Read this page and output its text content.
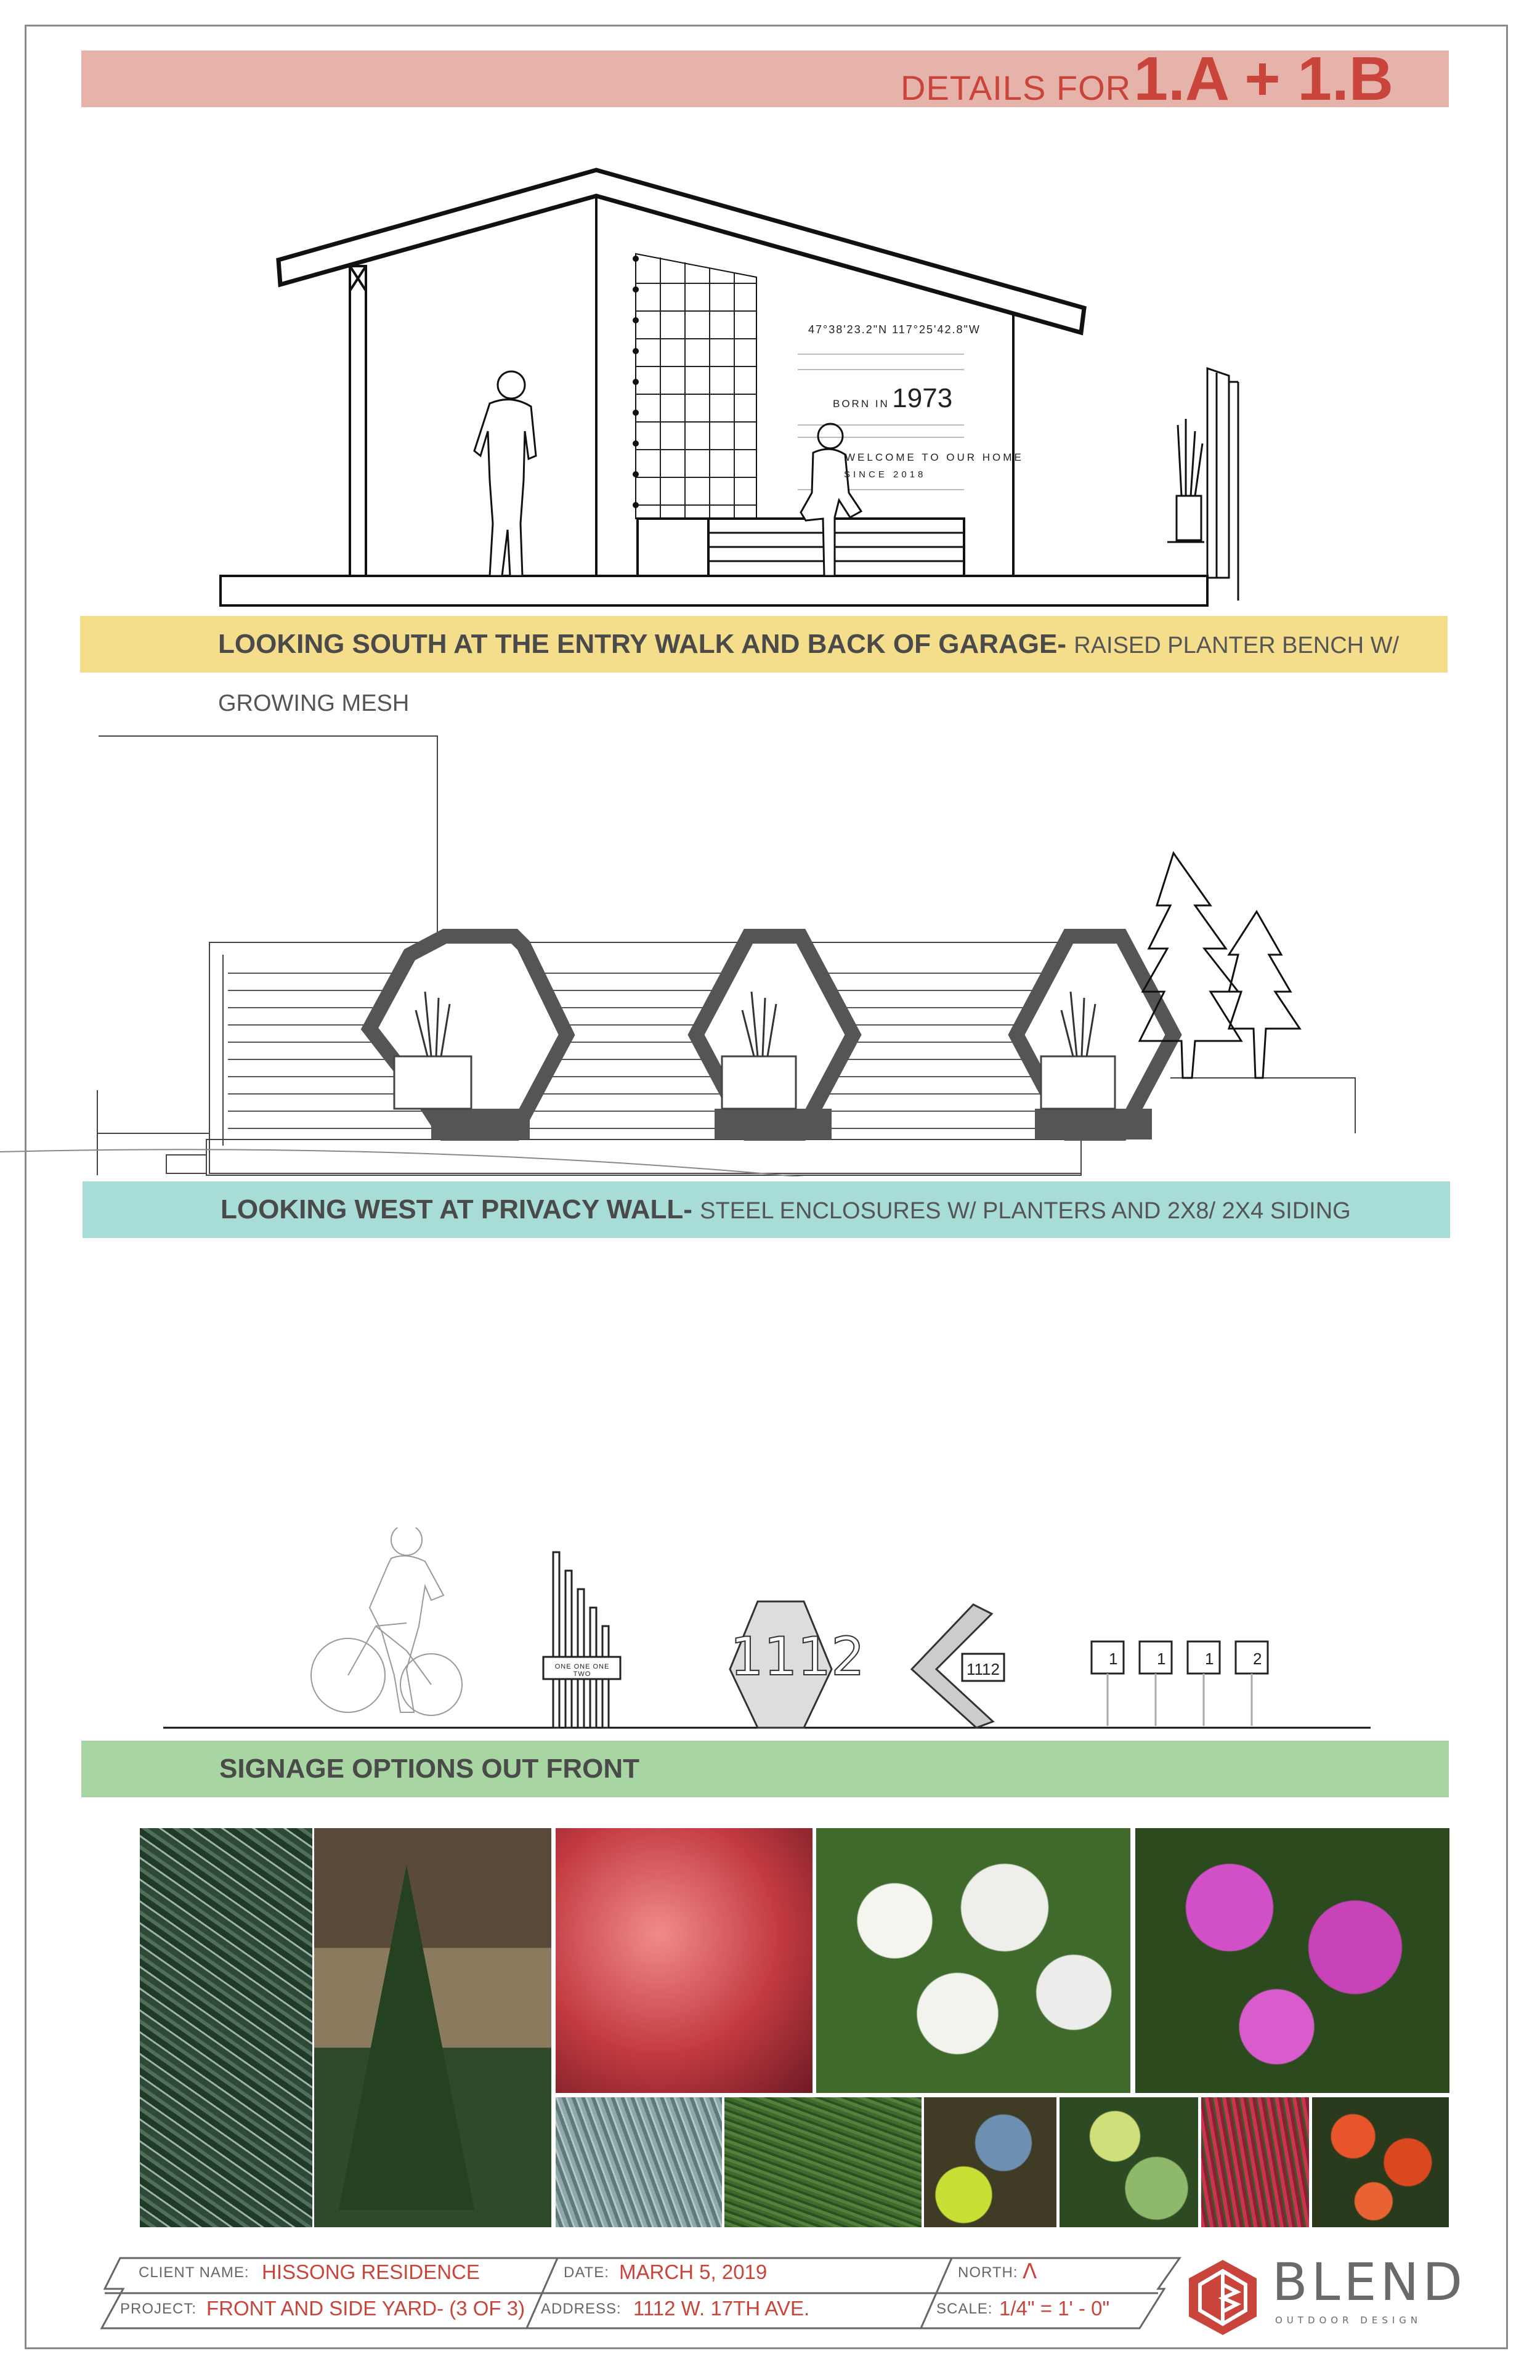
DETAILS FOR 1.A + 1.B
47°38'23.2"N 117°25'42.8"W
BORN IN 1973
WELCOME TO OUR HOME
SINCE 2018
LOOKING SOUTH AT THE ENTRY WALK AND BACK OF GARAGE- RAISED PLANTER BENCH W/ GROWING MESH
LOOKING WEST AT PRIVACY WALL- STEEL ENCLOSURES W/ PLANTERS AND 2X8/ 2X4 SIDING
ONE ONE ONE TWO	1112	1112
1 1 1 2
SIGNAGE OPTIONS OUT FRONT
CLIENT NAME: HISSONG RESIDENCE
PROJECT: FRONT AND SIDE YARD- (3 OF 3)
DATE: MARCH 5, 2019
ADDRESS: 1112 W. 17TH AVE.
NORTH: Λ
SCALE: 1/4" = 1' - 0"	BLEND
OUTDOOR DESIGN
